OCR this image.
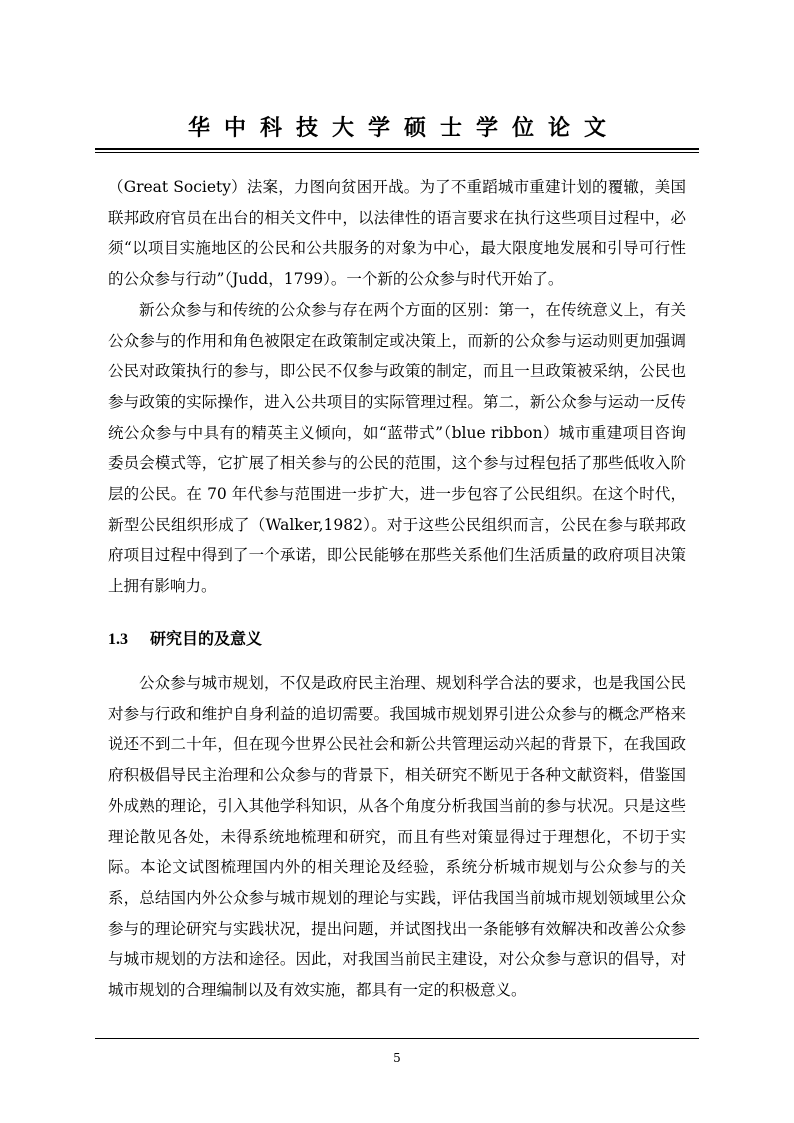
华中科技大学硕士学位论文

（Great Society）法案，力图向贫困开战。为了不重蹈城市重建计划的覆辙，美国联邦政府官员在出台的相关文件中，以法律性的语言要求在执行这些项目过程中，必须“以项目实施地区的公民和公共服务的对象为中心，最大限度地发展和引导可行性的公众参与行动”（Judd，1799）。一个新的公众参与时代开始了。

新公众参与和传统的公众参与存在两个方面的区别：第一，在传统意义上，有关公众参与的作用和角色被限定在政策制定或决策上，而新的公众参与运动则更加强调公民对政策执行的参与，即公民不仅参与政策的制定，而且一旦政策被采纳，公民也参与政策的实际操作，进入公共项目的实际管理过程。第二，新公众参与运动一反传统公众参与中具有的精英主义倾向，如“蓝带式”（blue ribbon）城市重建项目咨询委员会模式等，它扩展了相关参与的公民的范围，这个参与过程包括了那些低收入阶层的公民。在 70 年代参与范围进一步扩大，进一步包容了公民组织。在这个时代，新型公民组织形成了（Walker,1982）。对于这些公民组织而言，公民在参与联邦政府项目过程中得到了一个承诺，即公民能够在那些关系他们生活质量的政府项目决策上拥有影响力。

1.3 研究目的及意义

公众参与城市规划，不仅是政府民主治理、规划科学合法的要求，也是我国公民对参与行政和维护自身利益的追切需要。我国城市规划界引进公众参与的概念严格来说还不到二十年，但在现今世界公民社会和新公共管理运动兴起的背景下，在我国政府积极倡导民主治理和公众参与的背景下，相关研究不断见于各种文献资料，借鉴国外成熟的理论，引入其他学科知识，从各个角度分析我国当前的参与状况。只是这些理论散见各处，未得系统地梳理和研究，而且有些对策显得过于理想化，不切于实际。本论文试图梳理国内外的相关理论及经验，系统分析城市规划与公众参与的关系，总结国内外公众参与城市规划的理论与实践，评估我国当前城市规划领域里公众参与的理论研究与实践状况，提出问题，并试图找出一条能够有效解决和改善公众参与城市规划的方法和途径。因此，对我国当前民主建设，对公众参与意识的倡导，对城市规划的合理编制以及有效实施，都具有一定的积极意义。

5
